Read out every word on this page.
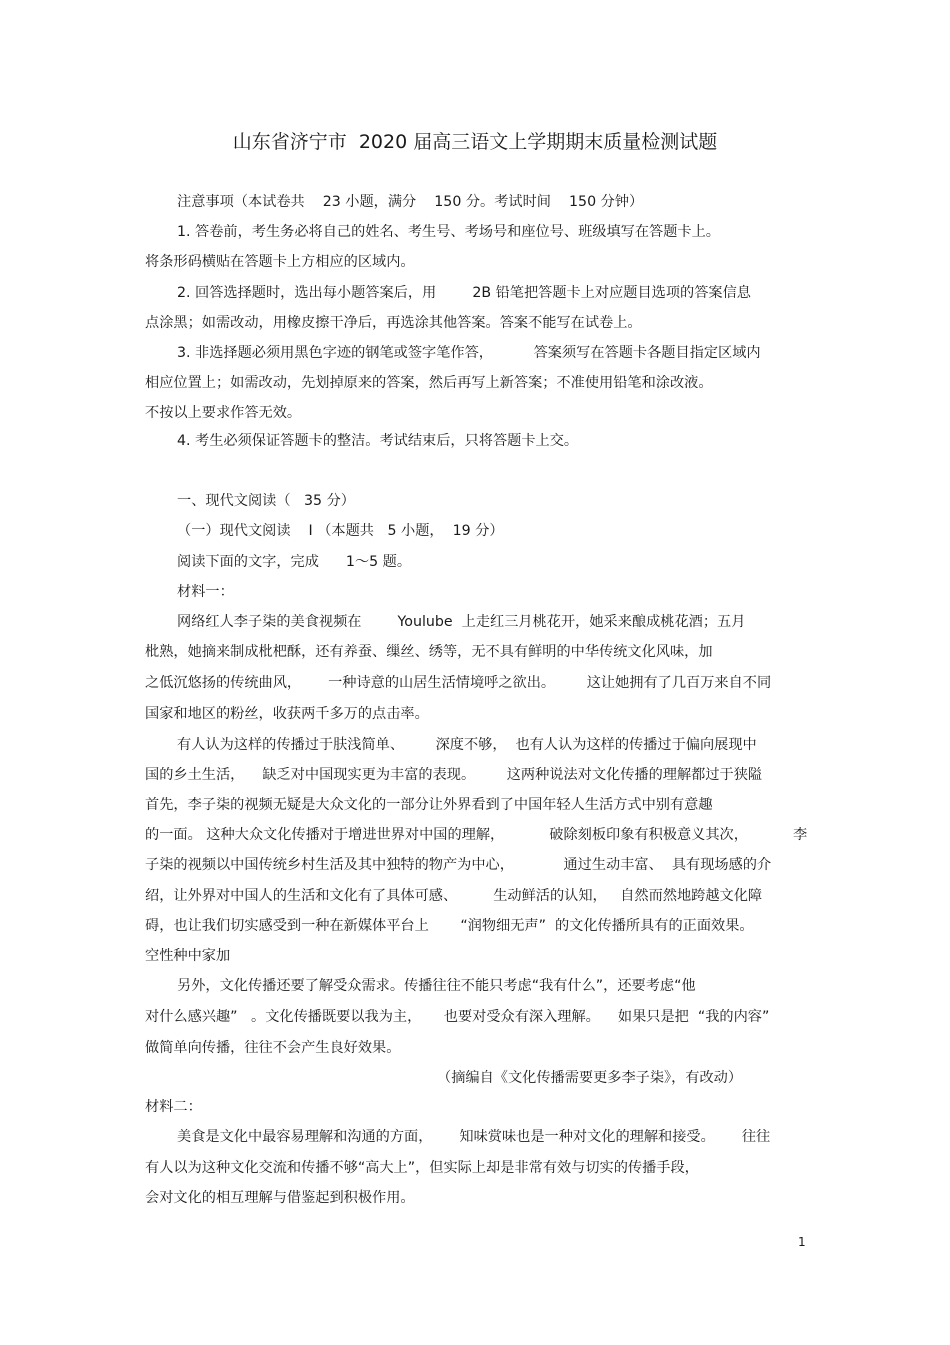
山东省济宁市  2020 届高三语文上学期期末质量检测试题
注意事项（本试卷共    23 小题，满分    150 分。考试时间    150 分钟）
1. 答卷前，考生务必将自己的姓名、考生号、考场号和座位号、班级填写在答题卡上。
将条形码横贴在答题卡上方相应的区域内。
2. 回答选择题时，选出每小题答案后，用        2B 铅笔把答题卡上对应题目选项的答案信息
点涂黑；如需改动，用橡皮擦干净后，再选涂其他答案。答案不能写在试卷上。
3. 非选择题必须用黑色字迹的钢笔或签字笔作答，         答案须写在答题卡各题目指定区域内
相应位置上；如需改动，先划掉原来的答案，然后再写上新答案；不准使用铅笔和涂改液。
不按以上要求作答无效。
4. 考生必须保证答题卡的整洁。考试结束后，只将答题卡上交。
一、现代文阅读（   35 分）
（一）现代文阅读    I （本题共   5 小题，  19 分）
阅读下面的文字，完成      1～5 题。
材料一：
网络红人李子柒的美食视频在        Youlube  上走红三月桃花开，她采来酿成桃花酒；五月
枇熟，她摘来制成枇杷酥，还有养蚕、缫丝、绣等，无不具有鲜明的中华传统文化风味，加
之低沉悠扬的传统曲风，      一种诗意的山居生活情境呼之欲出。       这让她拥有了几百万来自不同
国家和地区的粉丝，收获两千多万的点击率。
有人认为这样的传播过于肤浅简单、       深度不够，  也有人认为这样的传播过于偏向展现中
国的乡土生活，    缺乏对中国现实更为丰富的表现。       这两种说法对文化传播的理解都过于狭隘
首先，李子柒的视频无疑是大众文化的一部分让外界看到了中国年轻人生活方式中别有意趣
的一面。 这种大众文化传播对于增进世界对中国的理解，          破除刻板印象有积极意义其次，          李
子柒的视频以中国传统乡村生活及其中独特的物产为中心，           通过生动丰富、  具有现场感的介
绍，让外界对中国人的生活和文化有了具体可感、        生动鲜活的认知，   自然而然地跨越文化障
碍，也让我们切实感受到一种在新媒体平台上       “润物细无声”  的文化传播所具有的正面效果。
空性种中家加
另外，文化传播还要了解受众需求。传播往往不能只考虑“我有什么”，还要考虑“他
对什么感兴趣”   。文化传播既要以我为主，     也要对受众有深入理解。    如果只是把  “我的内容”
做简单向传播，往往不会产生良好效果。
（摘编自《文化传播需要更多李子柒》，有改动）
材料二：
美食是文化中最容易理解和沟通的方面，      知味赏味也是一种对文化的理解和接受。      往往
有人以为这种文化交流和传播不够“高大上”，但实际上却是非常有效与切实的传播手段，
会对文化的相互理解与借鉴起到积极作用。
1
